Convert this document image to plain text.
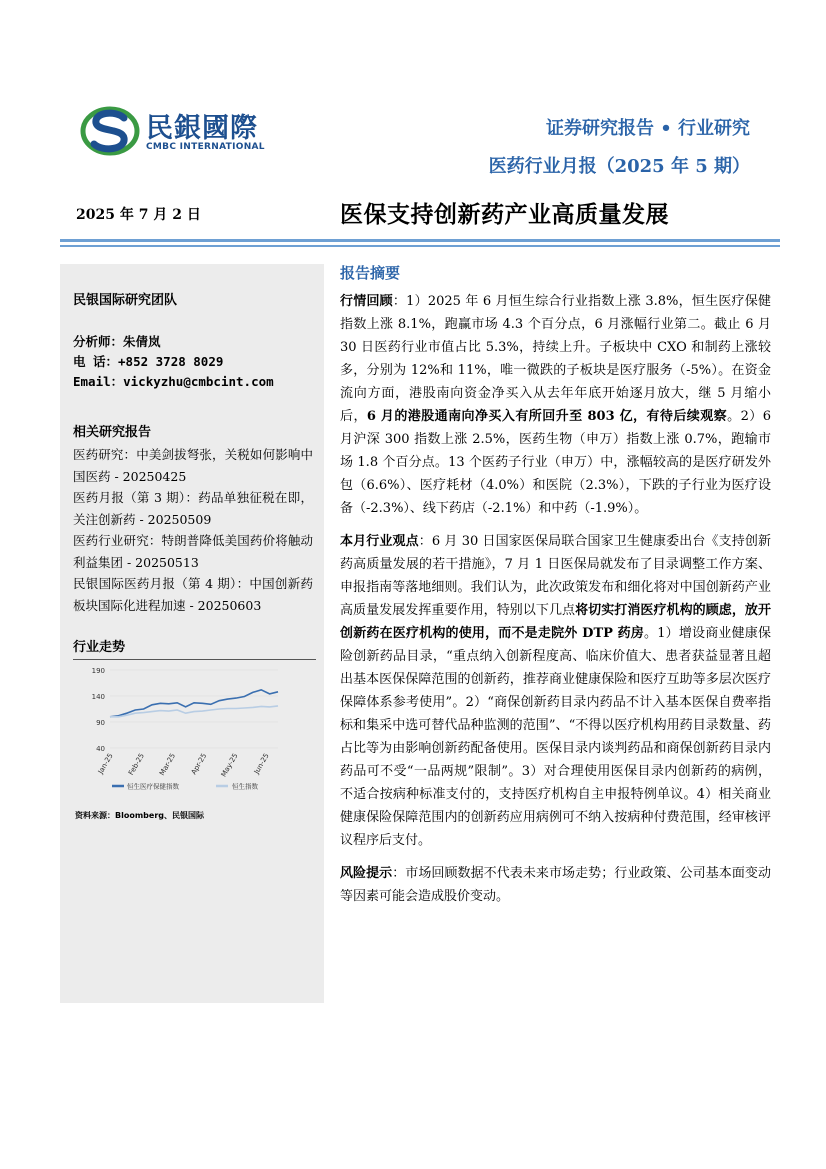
民銀國際
CMBC INTERNATIONAL
证券研究报告 • 行业研究
医药行业月报（2025 年 5 期）
2025 年 7 月 2 日	医保支持创新药产业高质量发展
民银国际研究团队
分析师：朱倩岚
电 话：+852 3728 8029
Email：vickyzhu@cmbcint.com
相关研究报告
医药研究：中美剑拔弩张，关税如何影响中国医药 - 20250425
医药月报（第 3 期）：药品单独征税在即，关注创新药 - 20250509
医药行业研究：特朗普降低美国药价将触动利益集团 - 20250513
民银国际医药月报（第 4 期）：中国创新药板块国际化进程加速 - 20250603
行业走势
40
90
140
190
Jan-25 Feb-25 Mar-25 Apr-25 May-25 Jun-25
恒生医疗保健指数	恒生指数
资料来源：Bloomberg、民银国际
报告摘要

行情回顾：1）2025 年 6 月恒生综合行业指数上涨 3.8%，恒生医疗保健指数上涨 8.1%，跑赢市场 4.3 个百分点，6 月涨幅行业第二。截止 6 月 30 日医药行业市值占比 5.3%，持续上升。子板块中 CXO 和制药上涨较多，分别为 12%和 11%，唯一微跌的子板块是医疗服务（-5%）。在资金流向方面，港股南向资金净买入从去年年底开始逐月放大，继 5 月缩小后，6 月的港股通南向净买入有所回升至 803 亿，有待后续观察。2）6 月沪深 300 指数上涨 2.5%，医药生物（申万）指数上涨 0.7%，跑输市场 1.8 个百分点。13 个医药子行业（申万）中，涨幅较高的是医疗研发外包（6.6%）、医疗耗材（4.0%）和医院（2.3%），下跌的子行业为医疗设备（-2.3%）、线下药店（-2.1%）和中药（-1.9%）。

本月行业观点：6 月 30 日国家医保局联合国家卫生健康委出台《支持创新药高质量发展的若干措施》，7 月 1 日医保局就发布了目录调整工作方案、申报指南等落地细则。我们认为，此次政策发布和细化将对中国创新药产业高质量发展发挥重要作用，特别以下几点将切实打消医疗机构的顾虑，放开创新药在医疗机构的使用，而不是走院外 DTP 药房。1）增设商业健康保险创新药品目录，“重点纳入创新程度高、临床价值大、患者获益显著且超出基本医保保障范围的创新药，推荐商业健康保险和医疗互助等多层次医疗保障体系参考使用”。2）“商保创新药目录内药品不计入基本医保自费率指标和集采中选可替代品种监测的范围”、“不得以医疗机构用药目录数量、药占比等为由影响创新药配备使用。医保目录内谈判药品和商保创新药目录内药品可不受“一品两规”限制”。3）对合理使用医保目录内创新药的病例，不适合按病种标准支付的，支持医疗机构自主申报特例单议。4）相关商业健康保险保障范围内的创新药应用病例可不纳入按病种付费范围，经审核评议程序后支付。

风险提示：市场回顾数据不代表未来市场走势；行业政策、公司基本面变动等因素可能会造成股价变动。
